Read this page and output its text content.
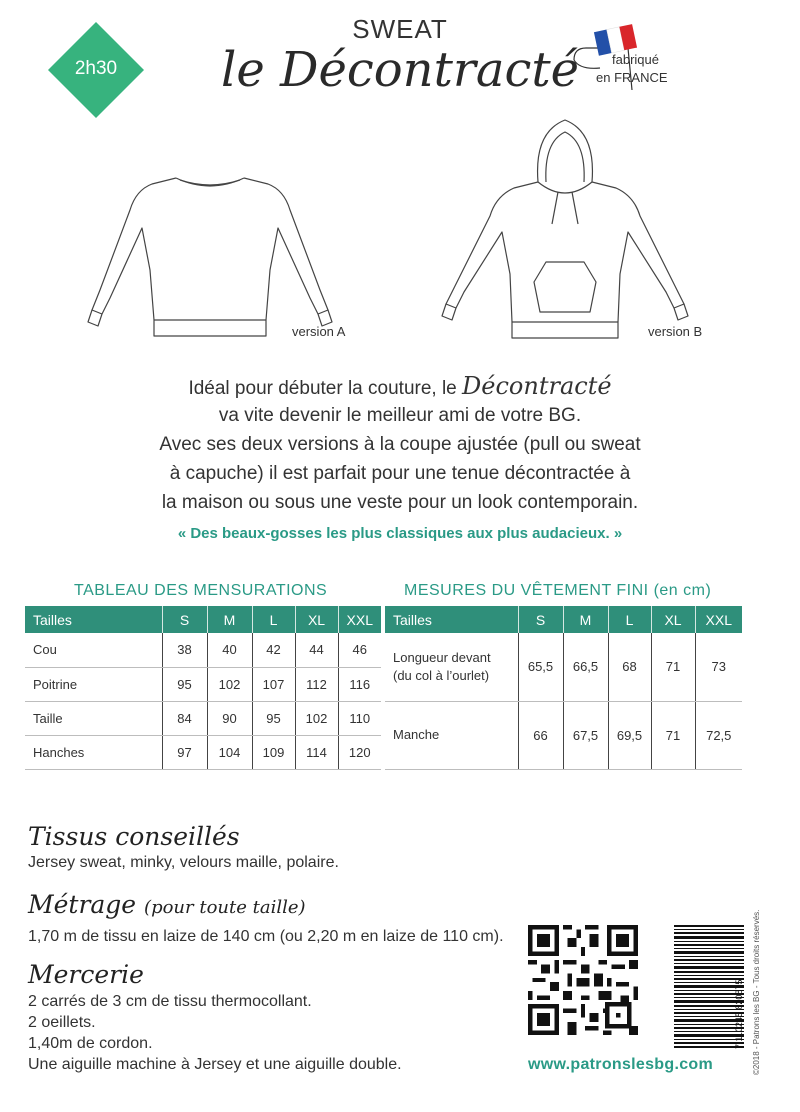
2h30
SWEAT
le Décontracté	fabriqué
en FRANCE
version A	version B
Idéal pour débuter la couture, le Décontracté
va vite devenir le meilleur ami de votre BG.
Avec ses deux versions à la coupe ajustée (pull ou sweat
à capuche) il est parfait pour une tenue décontractée à
la maison ou sous une veste pour un look contemporain.
« Des beaux-gosses les plus classiques aux plus audacieux. »
TABLEAU DES MENSURATIONS	MESURES DU VÊTEMENT FINI (en cm)
Tailles	S	M	L	XL	XXL
Cou	38	40	42	44	46
Poitrine	95	102	107	112	116
Taille	84	90	95	102	110
Hanches	97	104	109	114	120
Tailles	S	M	L	XL	XXL

Longueur devant
(du col à l’ourlet)	65,5	66,5	68	71	73
Manche	66	67,5	69,5	71	72,5
Tissus conseillés
Jersey sweat, minky, velours maille, polaire.
Métrage (pour toute taille)
1,70 m de tissu en laize de 140 cm (ou 2,20 m en laize de 110 cm).
Mercerie
2 carrés de 3 cm de tissu thermocollant.
2 oeillets.
1,40m de cordon.
Une aiguille machine à Jersey et une aiguille double.
7 110245 820875
www.patronslesbg.com	©2018 - Patrons les BG - Tous droits réservés.
